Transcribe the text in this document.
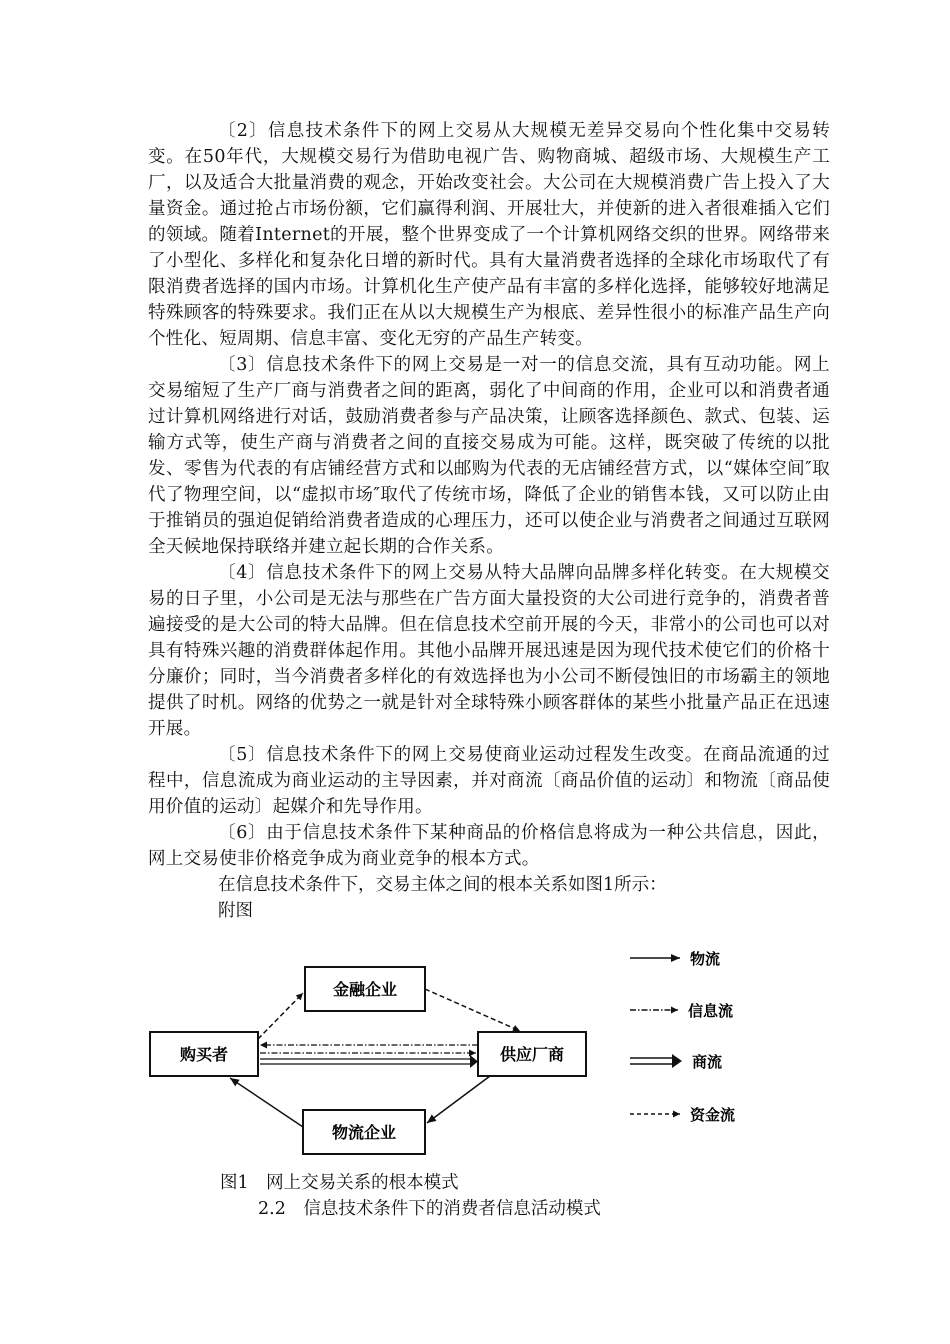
〔2〕信息技术条件下的网上交易从大规模无差异交易向个性化集中交易转变。在50年代，大规模交易行为借助电视广告、购物商城、超级市场、大规模生产工厂，以及适合大批量消费的观念，开始改变社会。大公司在大规模消费广告上投入了大量资金。通过抢占市场份额，它们赢得利润、开展壮大，并使新的进入者很难插入它们的领域。随着Internet的开展，整个世界变成了一个计算机网络交织的世界。网络带来了小型化、多样化和复杂化日增的新时代。具有大量消费者选择的全球化市场取代了有限消费者选择的国内市场。计算机化生产使产品有丰富的多样化选择，能够较好地满足特殊顾客的特殊要求。我们正在从以大规模生产为根底、差异性很小的标准产品生产向个性化、短周期、信息丰富、变化无穷的产品生产转变。

〔3〕信息技术条件下的网上交易是一对一的信息交流，具有互动功能。网上交易缩短了生产厂商与消费者之间的距离，弱化了中间商的作用，企业可以和消费者通过计算机网络进行对话，鼓励消费者参与产品决策，让顾客选择颜色、款式、包装、运输方式等，使生产商与消费者之间的直接交易成为可能。这样，既突破了传统的以批发、零售为代表的有店铺经营方式和以邮购为代表的无店铺经营方式，以“媒体空间″取代了物理空间，以“虚拟市场″取代了传统市场，降低了企业的销售本钱，又可以防止由于推销员的强迫促销给消费者造成的心理压力，还可以使企业与消费者之间通过互联网全天候地保持联络并建立起长期的合作关系。

〔4〕信息技术条件下的网上交易从特大品牌向品牌多样化转变。在大规模交易的日子里，小公司是无法与那些在广告方面大量投资的大公司进行竞争的，消费者普遍接受的是大公司的特大品牌。但在信息技术空前开展的今天，非常小的公司也可以对具有特殊兴趣的消费群体起作用。其他小品牌开展迅速是因为现代技术使它们的价格十分廉价；同时，当今消费者多样化的有效选择也为小公司不断侵蚀旧的市场霸主的领地提供了时机。网络的优势之一就是针对全球特殊小顾客群体的某些小批量产品正在迅速开展。

〔5〕信息技术条件下的网上交易使商业运动过程发生改变。在商品流通的过程中，信息流成为商业运动的主导因素，并对商流〔商品价值的运动〕和物流〔商品使用价值的运动〕起媒介和先导作用。

〔6〕由于信息技术条件下某种商品的价格信息将成为一种公共信息，因此，网上交易使非价格竞争成为商业竞争的根本方式。

在信息技术条件下，交易主体之间的根本关系如图1所示：

附图

金融企业
购买者	供应厂商
物流企业
物流
信息流
商流
资金流
图1　网上交易关系的根本模式
2.2　信息技术条件下的消费者信息活动模式
